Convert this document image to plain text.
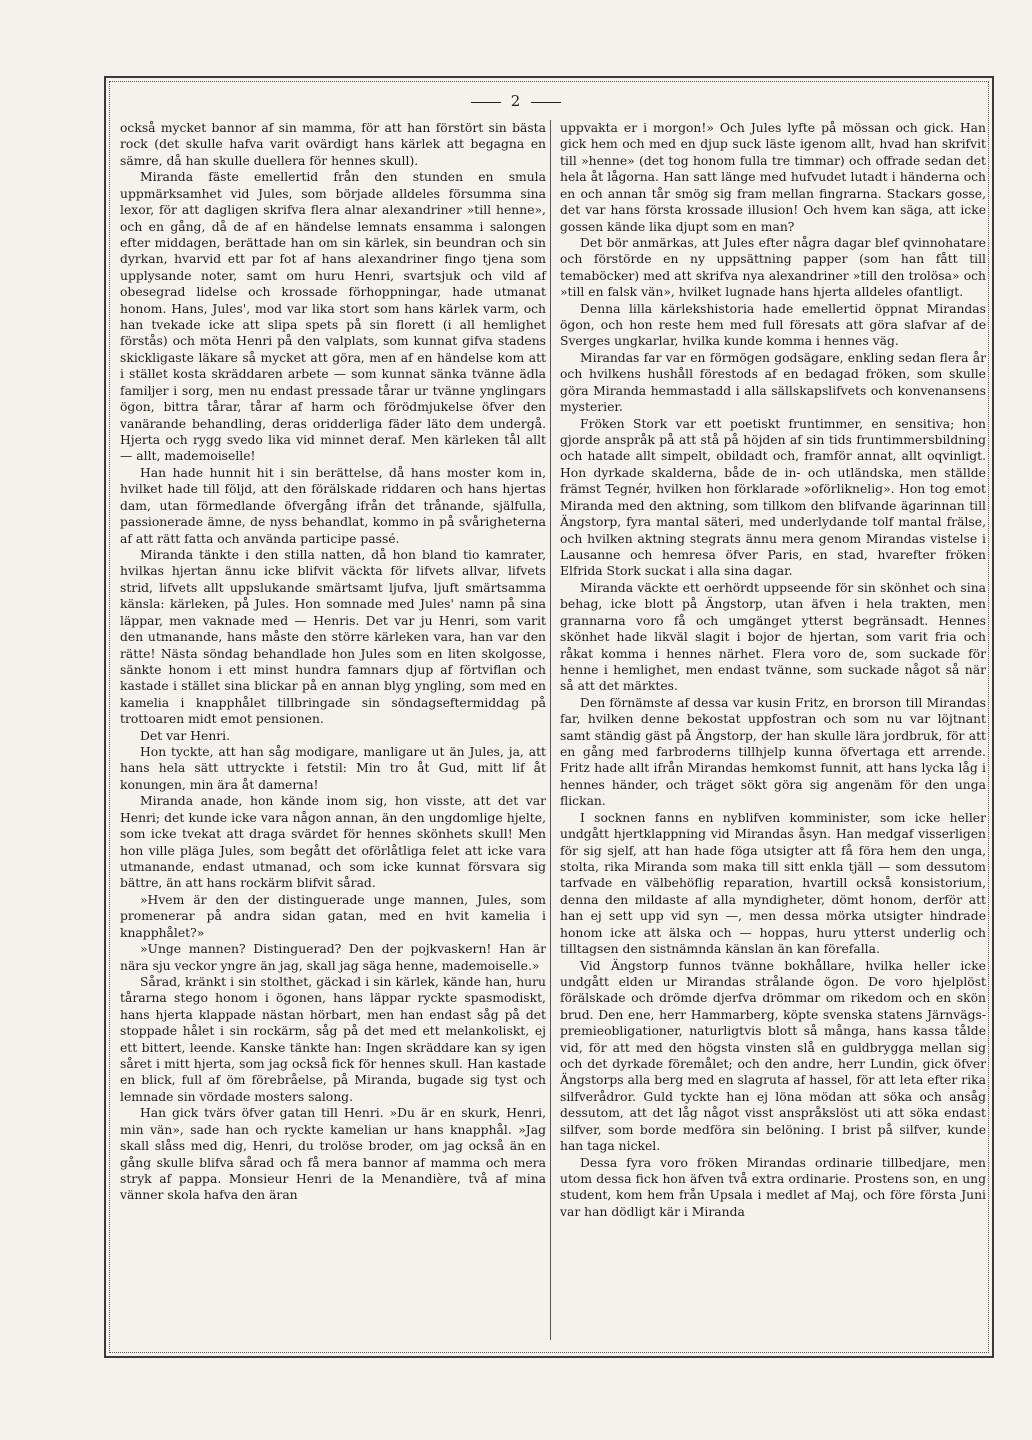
2

också mycket bannor af sin mamma, för att han förstört sin bästa rock (det skulle hafva varit ovärdigt hans kärlek att begagna en sämre, då han skulle duellera för hennes skull).

Miranda fäste emellertid från den stunden en smula uppmärksamhet vid Jules, som började alldeles försumma sina lexor, för att dagligen skrifva flera alnar alexandriner »till henne», och en gång, då de af en händelse lemnats ensamma i salongen efter middagen, berättade han om sin kärlek, sin beundran och sin dyrkan, hvarvid ett par fot af hans alexandriner fingo tjena som upplysande noter, samt om huru Henri, svartsjuk och vild af obesegrad lidelse och krossade förhoppningar, hade utmanat honom. Hans, Jules', mod var lika stort som hans kärlek varm, och han tvekade icke att slipa spets på sin florett (i all hemlighet förstås) och möta Henri på den valplats, som kunnat gifva stadens skickligaste läkare så mycket att göra, men af en händelse kom att i stället kosta skräddaren arbete — som kunnat sänka tvänne ädla familjer i sorg, men nu endast pressade tårar ur tvänne ynglingars ögon, bittra tårar, tårar af harm och förödmjukelse öfver den vanärande behandling, deras oridderliga fäder läto dem undergå. Hjerta och rygg svedo lika vid minnet deraf. Men kärleken tål allt — allt, mademoiselle!

Han hade hunnit hit i sin berättelse, då hans moster kom in, hvilket hade till följd, att den förälskade riddaren och hans hjertas dam, utan förmedlande öfvergång ifrån det trånande, själfulla, passionerade ämne, de nyss behandlat, kommo in på svårigheterna af att rätt fatta och använda participe passé.

Miranda tänkte i den stilla natten, då hon bland tio kamrater, hvilkas hjertan ännu icke blifvit väckta för lifvets allvar, lifvets strid, lifvets allt uppslukande smärtsamt ljufva, ljuft smärtsamma känsla: kärleken, på Jules. Hon somnade med Jules' namn på sina läppar, men vaknade med — Henris. Det var ju Henri, som varit den utmanande, hans måste den större kärleken vara, han var den rätte! Nästa söndag behandlade hon Jules som en liten skolgosse, sänkte honom i ett minst hundra famnars djup af förtviflan och kastade i stället sina blickar på en annan blyg yngling, som med en kamelia i knapphålet tillbringade sin söndagseftermiddag på trottoaren midt emot pensionen.

Det var Henri.

Hon tyckte, att han såg modigare, manligare ut än Jules, ja, att hans hela sätt uttryckte i fetstil: Min tro åt Gud, mitt lif åt konungen, min ära åt damerna!

Miranda anade, hon kände inom sig, hon visste, att det var Henri; det kunde icke vara någon annan, än den ungdomlige hjelte, som icke tvekat att draga svärdet för hennes skönhets skull! Men hon ville pläga Jules, som begått det oförlåtliga felet att icke vara utmanande, endast utmanad, och som icke kunnat försvara sig bättre, än att hans rockärm blifvit sårad.

»Hvem är den der distinguerade unge mannen, Jules, som promenerar på andra sidan gatan, med en hvit kamelia i knapphålet?»

»Unge mannen? Distinguerad? Den der pojkvaskern! Han är nära sju veckor yngre än jag, skall jag säga henne, mademoiselle.»

Sårad, kränkt i sin stolthet, gäckad i sin kärlek, kände han, huru tårarna stego honom i ögonen, hans läppar ryckte spasmodiskt, hans hjerta klappade nästan hörbart, men han endast såg på det stoppade hålet i sin rockärm, såg på det med ett melankoliskt, ej ett bittert, leende. Kanske tänkte han: Ingen skräddare kan sy igen såret i mitt hjerta, som jag också fick för hennes skull. Han kastade en blick, full af öm förebråelse, på Miranda, bugade sig tyst och lemnade sin vördade mosters salong.

Han gick tvärs öfver gatan till Henri. »Du är en skurk, Henri, min vän», sade han och ryckte kamelian ur hans knapphål. »Jag skall slåss med dig, Henri, du trolöse broder, om jag också än en gång skulle blifva sårad och få mera bannor af mamma och mera stryk af pappa. Monsieur Henri de la Menandière, två af mina vänner skola hafva den äran

uppvakta er i morgon!» Och Jules lyfte på mössan och gick. Han gick hem och med en djup suck läste igenom allt, hvad han skrifvit till »henne» (det tog honom fulla tre timmar) och offrade sedan det hela åt lågorna. Han satt länge med hufvudet lutadt i händerna och en och annan tår smög sig fram mellan fingrarna. Stackars gosse, det var hans första krossade illusion! Och hvem kan säga, att icke gossen kände lika djupt som en man?

Det bör anmärkas, att Jules efter några dagar blef qvinnohatare och förstörde en ny uppsättning papper (som han fått till temaböcker) med att skrifva nya alexandriner »till den trolösa» och »till en falsk vän», hvilket lugnade hans hjerta alldeles ofantligt.

Denna lilla kärlekshistoria hade emellertid öppnat Mirandas ögon, och hon reste hem med full föresats att göra slafvar af de Sverges ungkarlar, hvilka kunde komma i hennes väg.

Mirandas far var en förmögen godsägare, enkling sedan flera år och hvilkens hushåll förestods af en bedagad fröken, som skulle göra Miranda hemmastadd i alla sällskapslifvets och konvenansens mysterier.

Fröken Stork var ett poetiskt fruntimmer, en sensitiva; hon gjorde anspråk på att stå på höjden af sin tids fruntimmersbildning och hatade allt simpelt, obildadt och, framför annat, allt oqvinligt. Hon dyrkade skalderna, både de in- och utländska, men ställde främst Tegnér, hvilken hon förklarade »oförliknelig». Hon tog emot Miranda med den aktning, som tillkom den blifvande ägarinnan till Ängstorp, fyra mantal säteri, med underlydande tolf mantal frälse, och hvilken aktning stegrats ännu mera genom Mirandas vistelse i Lausanne och hemresa öfver Paris, en stad, hvarefter fröken Elfrida Stork suckat i alla sina dagar.

Miranda väckte ett oerhördt uppseende för sin skönhet och sina behag, icke blott på Ängstorp, utan äfven i hela trakten, men grannarna voro få och umgänget ytterst begränsadt. Hennes skönhet hade likväl slagit i bojor de hjertan, som varit fria och råkat komma i hennes närhet. Flera voro de, som suckade för henne i hemlighet, men endast tvänne, som suckade något så när så att det märktes.

Den förnämste af dessa var kusin Fritz, en brorson till Mirandas far, hvilken denne bekostat uppfostran och som nu var löjtnant samt ständig gäst på Ängstorp, der han skulle lära jordbruk, för att en gång med farbroderns tillhjelp kunna öfvertaga ett arrende. Fritz hade allt ifrån Mirandas hemkomst funnit, att hans lycka låg i hennes händer, och träget sökt göra sig angenäm för den unga flickan.

I socknen fanns en nyblifven komminister, som icke heller undgått hjertklappning vid Mirandas åsyn. Han medgaf visserligen för sig sjelf, att han hade föga utsigter att få föra hem den unga, stolta, rika Miranda som maka till sitt enkla tjäll — som dessutom tarfvade en välbehöflig reparation, hvartill också konsistorium, denna den mildaste af alla myndigheter, dömt honom, derför att han ej sett upp vid syn —, men dessa mörka utsigter hindrade honom icke att älska och — hoppas, huru ytterst underlig och tilltagsen den sistnämnda känslan än kan förefalla.

Vid Ängstorp funnos tvänne bokhållare, hvilka heller icke undgått elden ur Mirandas strålande ögon. De voro hjelplöst förälskade och drömde djerfva drömmar om rikedom och en skön brud. Den ene, herr Hammarberg, köpte svenska statens Järnvägs-premieobligationer, naturligtvis blott så många, hans kassa tålde vid, för att med den högsta vinsten slå en guldbrygga mellan sig och det dyrkade föremålet; och den andre, herr Lundin, gick öfver Ängstorps alla berg med en slagruta af hassel, för att leta efter rika silfverådror. Guld tyckte han ej löna mödan att söka och ansåg dessutom, att det låg något visst anspråkslöst uti att söka endast silfver, som borde medföra sin belöning. I brist på silfver, kunde han taga nickel.

Dessa fyra voro fröken Mirandas ordinarie tillbedjare, men utom dessa fick hon äfven två extra ordinarie. Prostens son, en ung student, kom hem från Upsala i medlet af Maj, och före första Juni var han dödligt kär i Miranda
